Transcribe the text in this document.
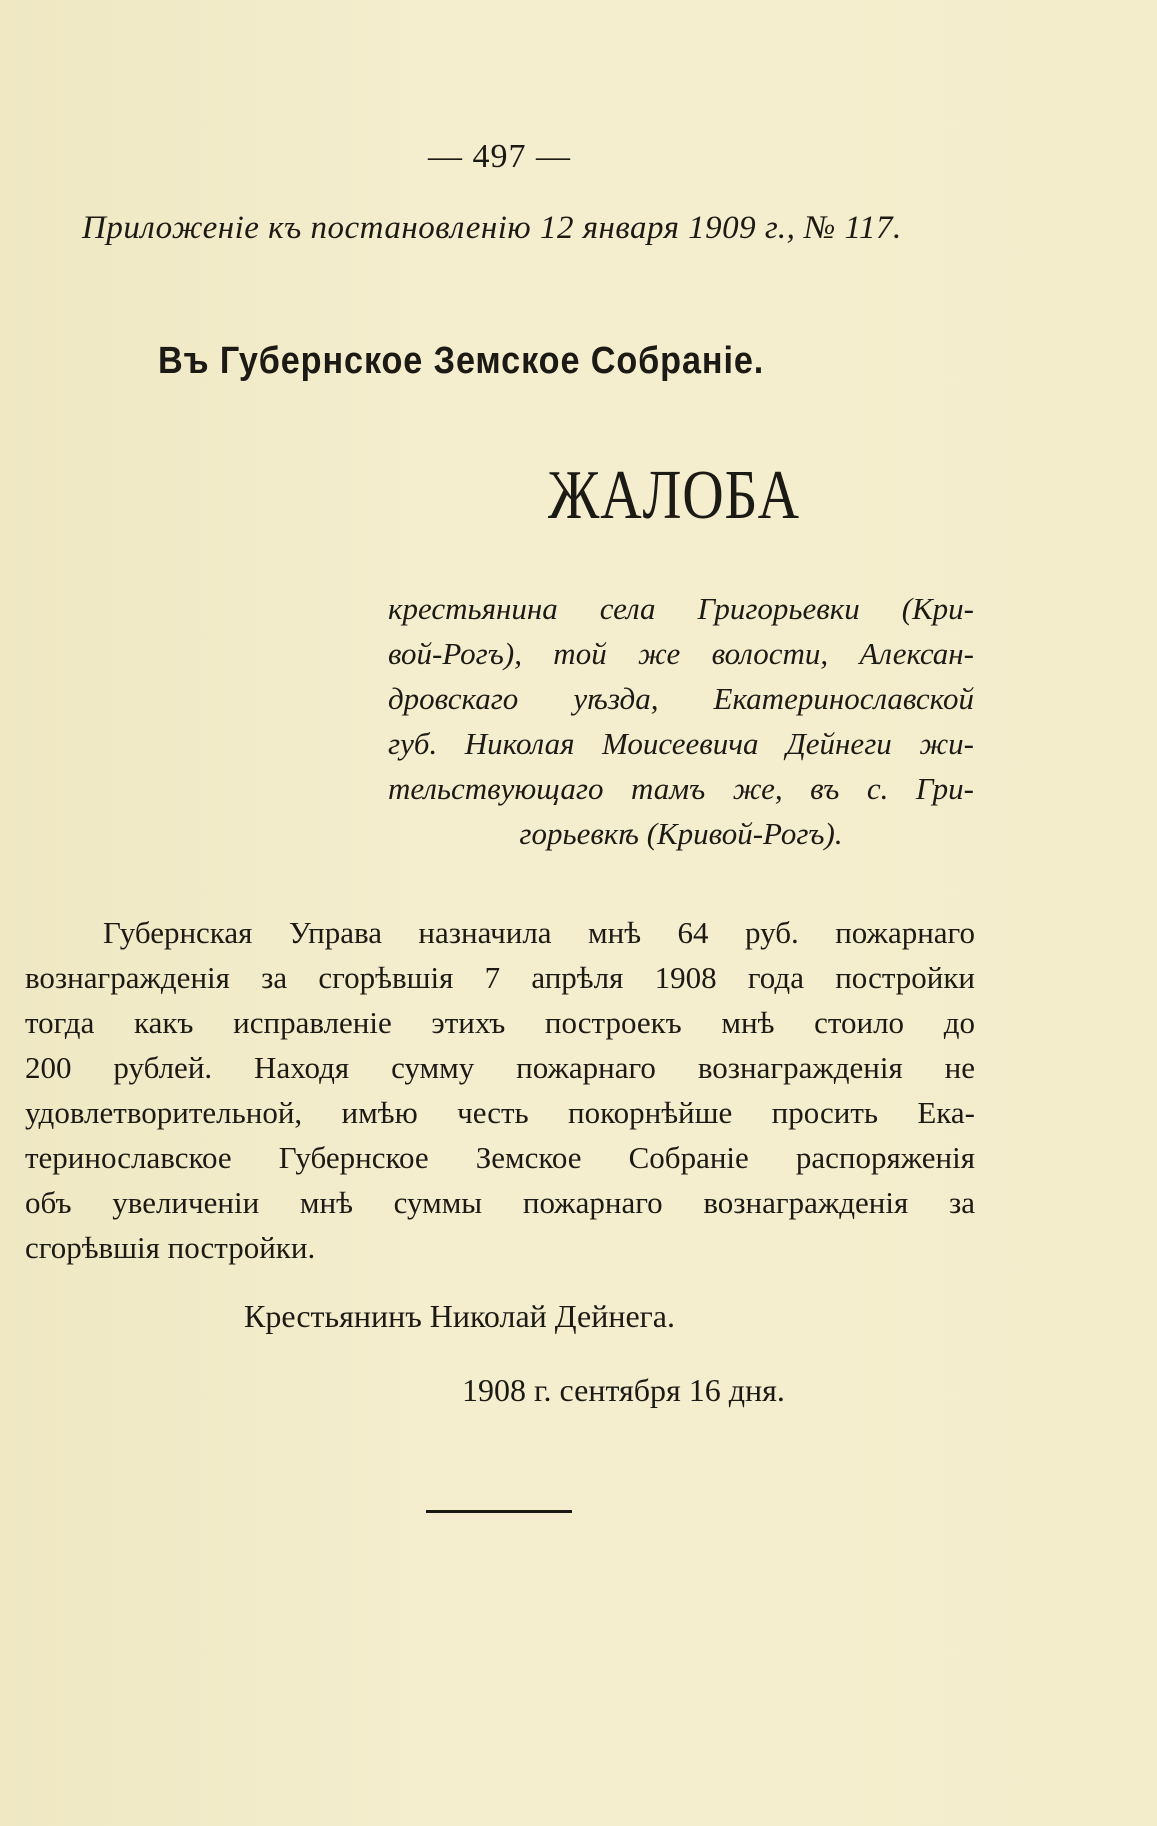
— 497 —
Приложеніе къ постановленію 12 января 1909 г., № 117.
Въ Губернское Земское Собраніе.
ЖАЛОБА
крестьянина села Григорьевки (Кри-
вой-Рогъ), той же волости, Алексан-
дровскаго уѣзда, Екатеринославской
губ. Николая Моисеевича Дейнеги жи-
тельствующаго тамъ же, въ с. Гри-
горьевкѣ (Кривой-Рогъ).
Губернская Управа назначила мнѣ 64 руб. пожарнаго
вознагражденія за сгорѣвшія 7 апрѣля 1908 года постройки
тогда какъ исправленіе этихъ построекъ мнѣ стоило до
200 рублей. Находя сумму пожарнаго вознагражденія не
удовлетворительной, имѣю честь покорнѣйше просить Ека-
теринославское Губернское Земское Собраніе распоряженія
объ увеличеніи мнѣ суммы пожарнаго вознагражденія за
сгорѣвшія постройки.
Крестьянинъ Николай Дейнега.
1908 г. сентября 16 дня.
